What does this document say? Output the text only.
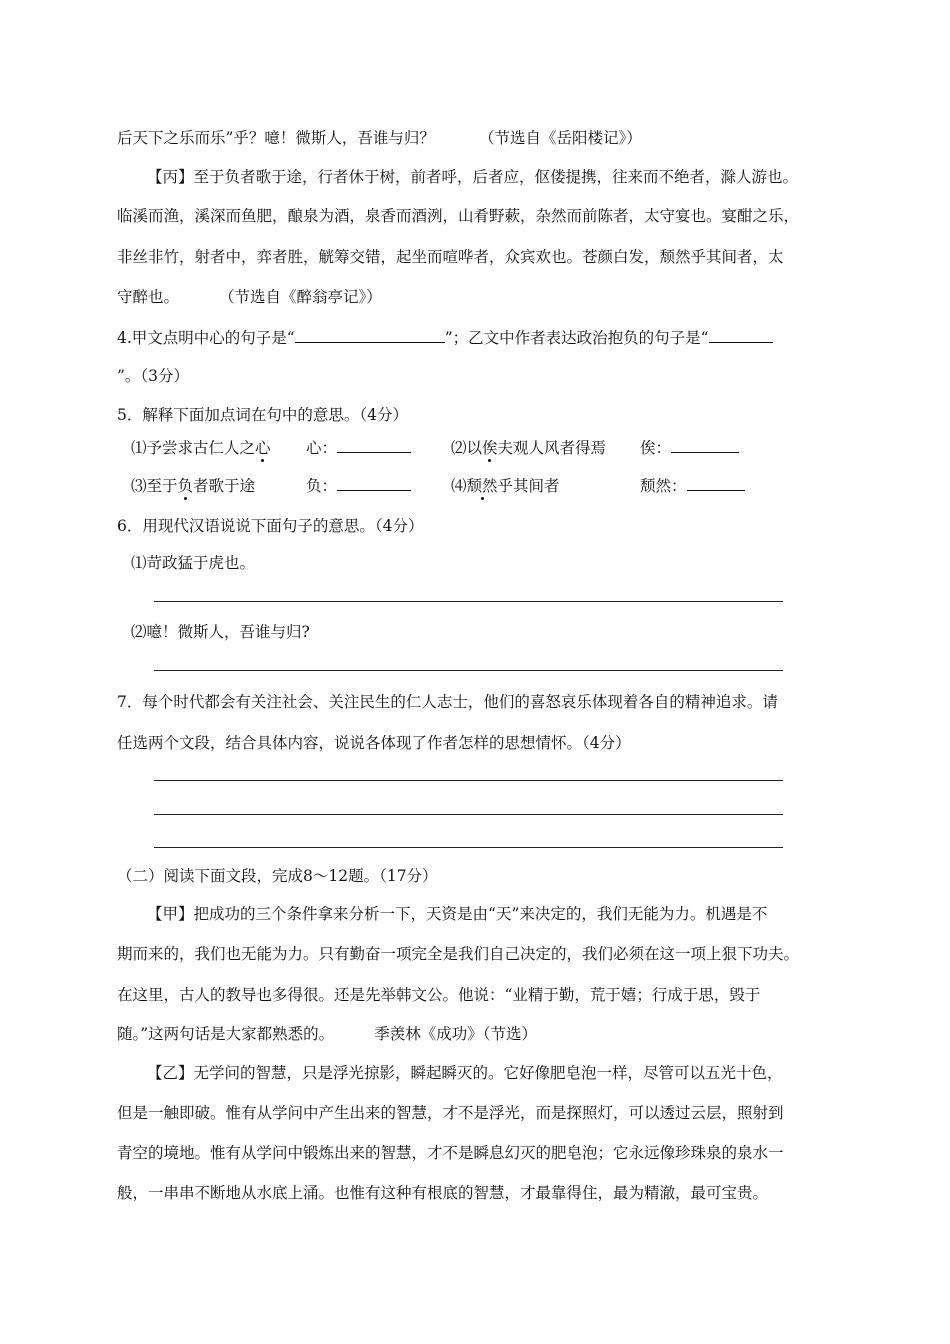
后天下之乐而乐”乎？噫！微斯人，吾谁与归？	（节选自《岳阳楼记》）
【丙】至于负者歌于途，行者休于树，前者呼，后者应，伛偻提携，往来而不绝者，滁人游也。
临溪而渔，溪深而鱼肥，酿泉为酒，泉香而酒洌，山肴野蔌，杂然而前陈者，太守宴也。宴酣之乐，
非丝非竹，射者中，弈者胜，觥筹交错，起坐而喧哗者，众宾欢也。苍颜白发，颓然乎其间者，太
守醉也。	（节选自《醉翁亭记》）
4.甲文点明中心的句子是“	”；乙文中作者表达政治抱负的句子是“
”。（3分）
5．解释下面加点词在句中的意思。（4分）
⑴予尝求古仁人之心 心：	⑵以俟夫观人风者得焉 俟：
⑶至于负者歌于途	负：	⑷颓然乎其间者	颓然：
6．用现代汉语说说下面句子的意思。（4分）
⑴苛政猛于虎也。
⑵噫！微斯人，吾谁与归?
7．每个时代都会有关注社会、关注民生的仁人志士，他们的喜怒哀乐体现着各自的精神追求。请
任选两个文段，结合具体内容，说说各体现了作者怎样的思想情怀。（4分）
（二）阅读下面文段，完成8～12题。（17分）
【甲】把成功的三个条件拿来分析一下，天资是由“天”来决定的，我们无能为力。机遇是不
期而来的，我们也无能为力。只有勤奋一项完全是我们自己决定的，我们必须在这一项上狠下功夫。
在这里，古人的教导也多得很。还是先举韩文公。他说：“业精于勤，荒于嬉；行成于思，毁于
随。”这两句话是大家都熟悉的。	季羡林《成功》（节选）
【乙】无学问的智慧，只是浮光掠影，瞬起瞬灭的。它好像肥皂泡一样，尽管可以五光十色，
但是一触即破。惟有从学问中产生出来的智慧，才不是浮光，而是探照灯，可以透过云层，照射到
青空的境地。惟有从学问中锻炼出来的智慧，才不是瞬息幻灭的肥皂泡；它永远像珍珠泉的泉水一
般，一串串不断地从水底上涌。也惟有这种有根底的智慧，才最靠得住，最为精澈，最可宝贵。
